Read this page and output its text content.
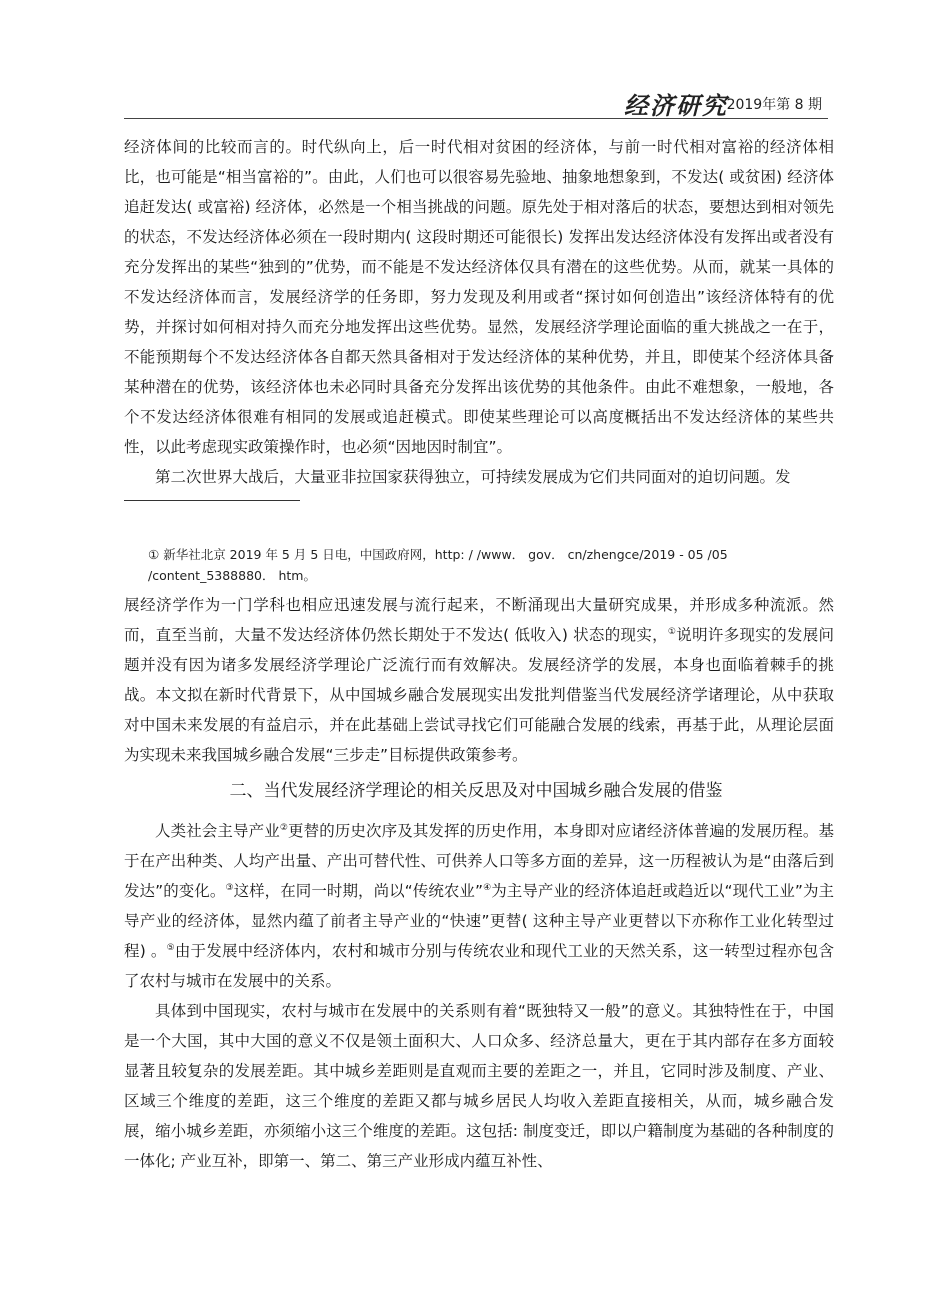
经济研究
2019年第 8 期

经济体间的比较而言的。时代纵向上，后一时代相对贫困的经济体，与前一时代相对富裕的经济体相比，也可能是“相当富裕的”。由此，人们也可以很容易先验地、抽象地想象到，不发达( 或贫困) 经济体追赶发达( 或富裕) 经济体，必然是一个相当挑战的问题。原先处于相对落后的状态，要想达到相对领先的状态，不发达经济体必须在一段时期内( 这段时期还可能很长) 发挥出发达经济体没有发挥出或者没有充分发挥出的某些“独到的”优势，而不能是不发达经济体仅具有潜在的这些优势。从而，就某一具体的不发达经济体而言，发展经济学的任务即，努力发现及利用或者“探讨如何创造出”该经济体特有的优势，并探讨如何相对持久而充分地发挥出这些优势。显然，发展经济学理论面临的重大挑战之一在于，不能预期每个不发达经济体各自都天然具备相对于发达经济体的某种优势，并且，即使某个经济体具备某种潜在的优势，该经济体也未必同时具备充分发挥出该优势的其他条件。由此不难想象，一般地，各个不发达经济体很难有相同的发展或追赶模式。即使某些理论可以高度概括出不发达经济体的某些共性，以此考虑现实政策操作时，也必须“因地因时制宜”。

第二次世界大战后，大量亚非拉国家获得独立，可持续发展成为它们共同面对的迫切问题。发

① 新华社北京 2019 年 5 月 5 日电，中国政府网，http: / /www． gov． cn/zhengce/2019 - 05 /05 /content_5388880． htm。

展经济学作为一门学科也相应迅速发展与流行起来，不断涌现出大量研究成果，并形成多种流派。然而，直至当前，大量不发达经济体仍然长期处于不发达( 低收入) 状态的现实，①说明许多现实的发展问题并没有因为诸多发展经济学理论广泛流行而有效解决。发展经济学的发展，本身也面临着棘手的挑战。本文拟在新时代背景下，从中国城乡融合发展现实出发批判借鉴当代发展经济学诸理论，从中获取对中国未来发展的有益启示，并在此基础上尝试寻找它们可能融合发展的线索，再基于此，从理论层面为实现未来我国城乡融合发展“三步走”目标提供政策参考。

二、当代发展经济学理论的相关反思及对中国城乡融合发展的借鉴

人类社会主导产业②更替的历史次序及其发挥的历史作用，本身即对应诸经济体普遍的发展历程。基于在产出种类、人均产出量、产出可替代性、可供养人口等多方面的差异，这一历程被认为是“由落后到发达”的变化。③这样，在同一时期，尚以“传统农业”④为主导产业的经济体追赶或趋近以“现代工业”为主导产业的经济体，显然内蕴了前者主导产业的“快速”更替( 这种主导产业更替以下亦称作工业化转型过程) 。⑤由于发展中经济体内，农村和城市分别与传统农业和现代工业的天然关系，这一转型过程亦包含了农村与城市在发展中的关系。

具体到中国现实，农村与城市在发展中的关系则有着“既独特又一般”的意义。其独特性在于，中国是一个大国，其中大国的意义不仅是领土面积大、人口众多、经济总量大，更在于其内部存在多方面较显著且较复杂的发展差距。其中城乡差距则是直观而主要的差距之一，并且，它同时涉及制度、产业、区域三个维度的差距，这三个维度的差距又都与城乡居民人均收入差距直接相关，从而，城乡融合发展，缩小城乡差距，亦须缩小这三个维度的差距。这包括: 制度变迁，即以户籍制度为基础的各种制度的一体化; 产业互补，即第一、第二、第三产业形成内蕴互补性、
